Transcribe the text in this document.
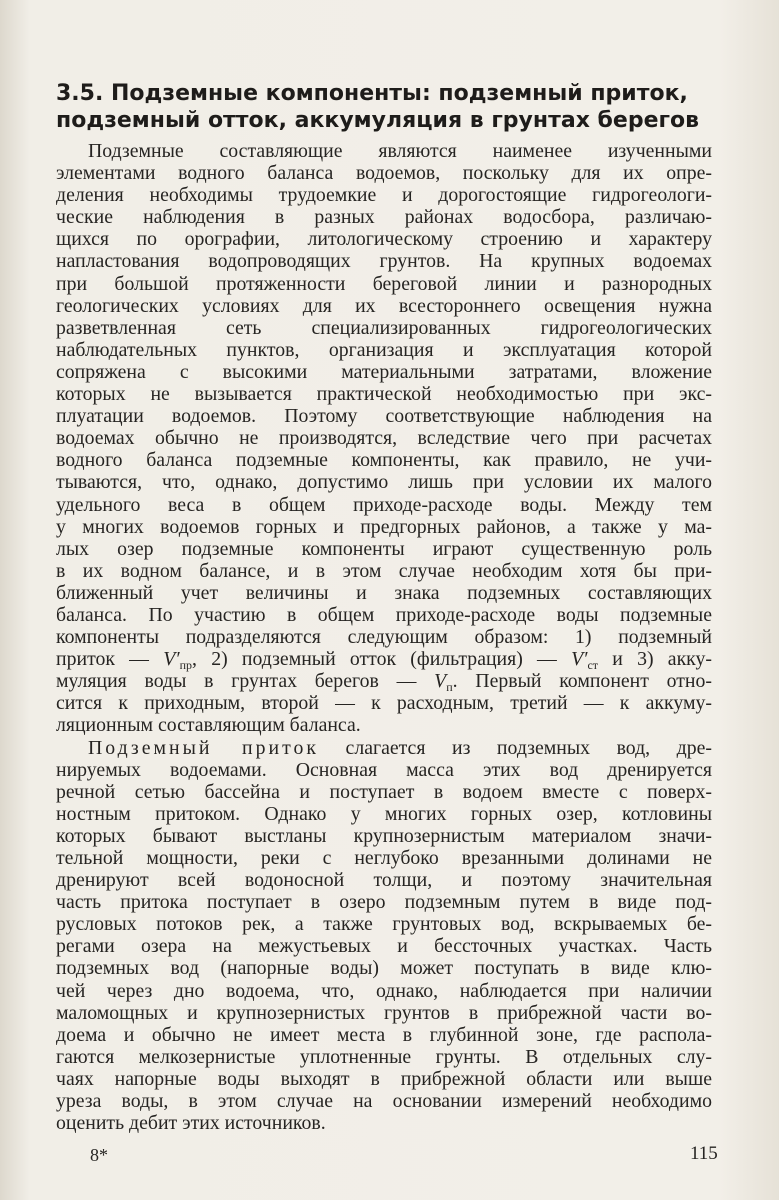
3.5. Подземные компоненты: подземный приток,
подземный отток, аккумуляция в грунтах берегов
Подземные составляющие являются наименее изученными
элементами водного баланса водоемов, поскольку для их опре-
деления необходимы трудоемкие и дорогостоящие гидрогеологи-
ческие наблюдения в разных районах водосбора, различаю-
щихся по орографии, литологическому строению и характеру
напластования водопроводящих грунтов. На крупных водоемах
при большой протяженности береговой линии и разнородных
геологических условиях для их всестороннего освещения нужна
разветвленная сеть специализированных гидрогеологических
наблюдательных пунктов, организация и эксплуатация которой
сопряжена с высокими материальными затратами, вложение
которых не вызывается практической необходимостью при экс-
плуатации водоемов. Поэтому соответствующие наблюдения на
водоемах обычно не производятся, вследствие чего при расчетах
водного баланса подземные компоненты, как правило, не учи-
тываются, что, однако, допустимо лишь при условии их малого
удельного веса в общем приходе-расходе воды. Между тем
у многих водоемов горных и предгорных районов, а также у ма-
лых озер подземные компоненты играют существенную роль
в их водном балансе, и в этом случае необходим хотя бы при-
ближенный учет величины и знака подземных составляющих
баланса. По участию в общем приходе-расходе воды подземные
компоненты подразделяются следующим образом: 1) подземный
приток — $V'_{пр}$, 2) подземный отток (фильтрация) — $V'_{ст}$ и 3) акку-
муляция воды в грунтах берегов — $V_п$. Первый компонент отно-
сится к приходным, второй — к расходным, третий — к аккуму-
ляционным составляющим баланса.
Подземный приток слагается из подземных вод, дре-
нируемых водоемами. Основная масса этих вод дренируется
речной сетью бассейна и поступает в водоем вместе с поверх-
ностным притоком. Однако у многих горных озер, котловины
которых бывают выстланы крупнозернистым материалом значи-
тельной мощности, реки с неглубоко врезанными долинами не
дренируют всей водоносной толщи, и поэтому значительная
часть притока поступает в озеро подземным путем в виде под-
русловых потоков рек, а также грунтовых вод, вскрываемых бе-
регами озера на межустьевых и бессточных участках. Часть
подземных вод (напорные воды) может поступать в виде клю-
чей через дно водоема, что, однако, наблюдается при наличии
маломощных и крупнозернистых грунтов в прибрежной части во-
доема и обычно не имеет места в глубинной зоне, где распола-
гаются мелкозернистые уплотненные грунты. В отдельных слу-
чаях напорные воды выходят в прибрежной области или выше
уреза воды, в этом случае на основании измерений необходимо
оценить дебит этих источников.
8*	115
